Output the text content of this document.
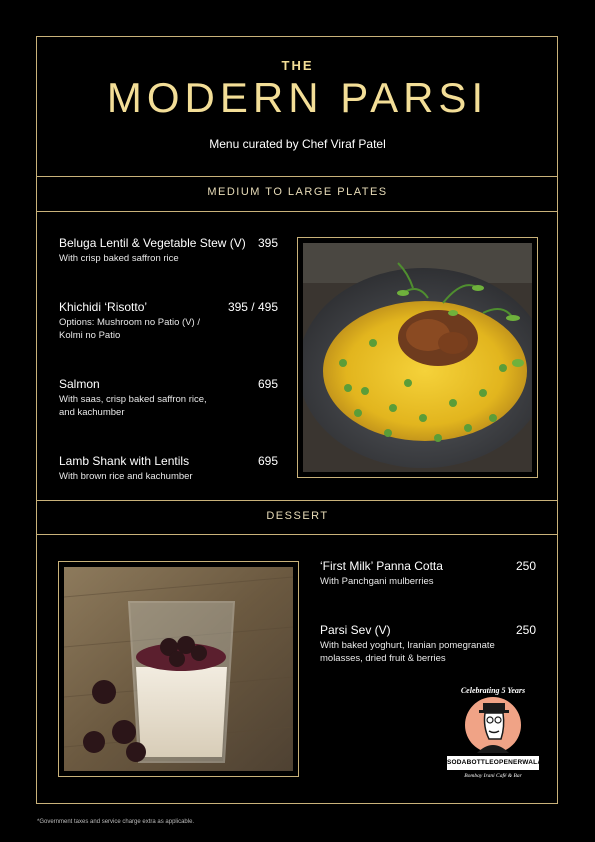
THE
MODERN PARSI
Menu curated by Chef Viraf Patel
MEDIUM TO LARGE PLATES
Beluga Lentil & Vegetable Stew (V)
With crisp baked saffron rice
395
Khichidi ‘Risotto’
Options: Mushroom no Patio (V) /
Kolmi no Patio
395 / 495
Salmon
With saas, crisp baked saffron rice,
and kachumber
695
Lamb Shank with Lentils
With brown rice and kachumber
695
DESSERT
‘First Milk’ Panna Cotta
With Panchgani mulberries
250
Parsi Sev (V)
With baked yoghurt, Iranian pomegranate
molasses, dried fruit & berries
250
Celebrating 5 Years
SODABOTTLEOPENERWALA
Bombay Irani Café & Bar
*Government taxes and service charge extra as applicable.
